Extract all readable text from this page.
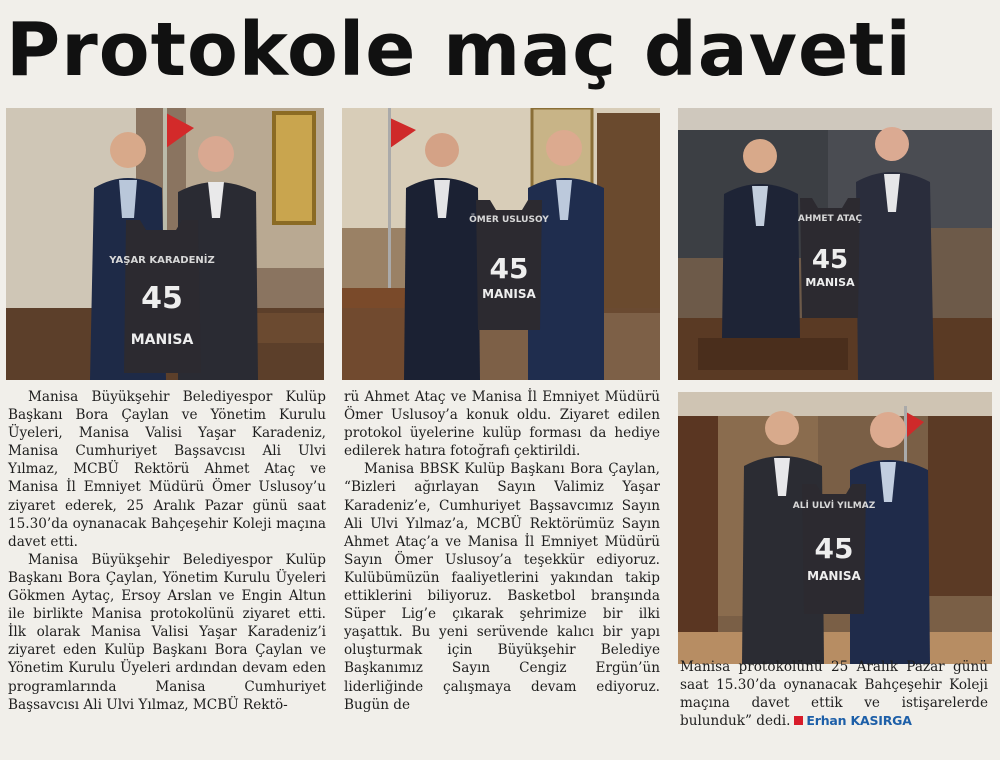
Protokole maç daveti
YAŞAR KARADENİZ
45
MANISA
ÖMER USLUSOY
45
MANISA
AHMET ATAÇ
45
MANISA
ALİ ULVİ YILMAZ
45
MANISA

Manisa Büyükşehir Belediyespor Kulüp Başkanı Bora Çaylan ve Yönetim Kurulu Üyeleri, Manisa Valisi Yaşar Karadeniz, Manisa Cumhuriyet Başsavcısı Ali Ulvi Yılmaz, MCBÜ Rektörü Ahmet Ataç ve Manisa İl Emniyet Müdürü Ömer Uslusoy’u ziyaret ederek, 25 Aralık Pazar günü saat 15.30’da oynanacak Bahçeşehir Koleji maçına davet etti.

Manisa Büyükşehir Belediyespor Kulüp Başkanı Bora Çaylan, Yönetim Kurulu Üyeleri Gökmen Aytaç, Ersoy Arslan ve Engin Altun ile birlikte Manisa protokolünü ziyaret etti. İlk olarak Manisa Valisi Yaşar Karadeniz’i ziyaret eden Kulüp Başkanı Bora Çaylan ve Yönetim Kurulu Üyeleri ardından devam eden programlarında Manisa Cumhuriyet Başsavcısı Ali Ulvi Yılmaz, MCBÜ Rektö-

rü Ahmet Ataç ve Manisa İl Emniyet Müdürü Ömer Uslusoy’a konuk oldu. Ziyaret edilen protokol üyelerine kulüp forması da hediye edilerek hatıra fotoğrafı çektirildi.

Manisa BBSK Kulüp Başkanı Bora Çaylan, “Bizleri ağırlayan Sayın Valimiz Yaşar Karadeniz’e, Cumhuriyet Başsavcımız Sayın Ali Ulvi Yılmaz’a, MCBÜ Rektörümüz Sayın Ahmet Ataç’a ve Manisa İl Emniyet Müdürü Sayın Ömer Uslusoy’a teşekkür ediyoruz. Kulübümüzün faaliyetlerini yakından takip ettiklerini biliyoruz. Basketbol branşında Süper Lig’e çıkarak şehrimize bir ilki yaşattık. Bu yeni serüvende kalıcı bir yapı oluşturmak için Büyükşehir Belediye Başkanımız Sayın Cengiz Ergün’ün liderliğinde çalışmaya devam ediyoruz. Bugün de

Manisa protokolünü 25 Aralık Pazar günü saat 15.30’da oynanacak Bahçeşehir Koleji maçına davet ettik ve istişarelerde bulunduk” dedi. Erhan KASIRGA
